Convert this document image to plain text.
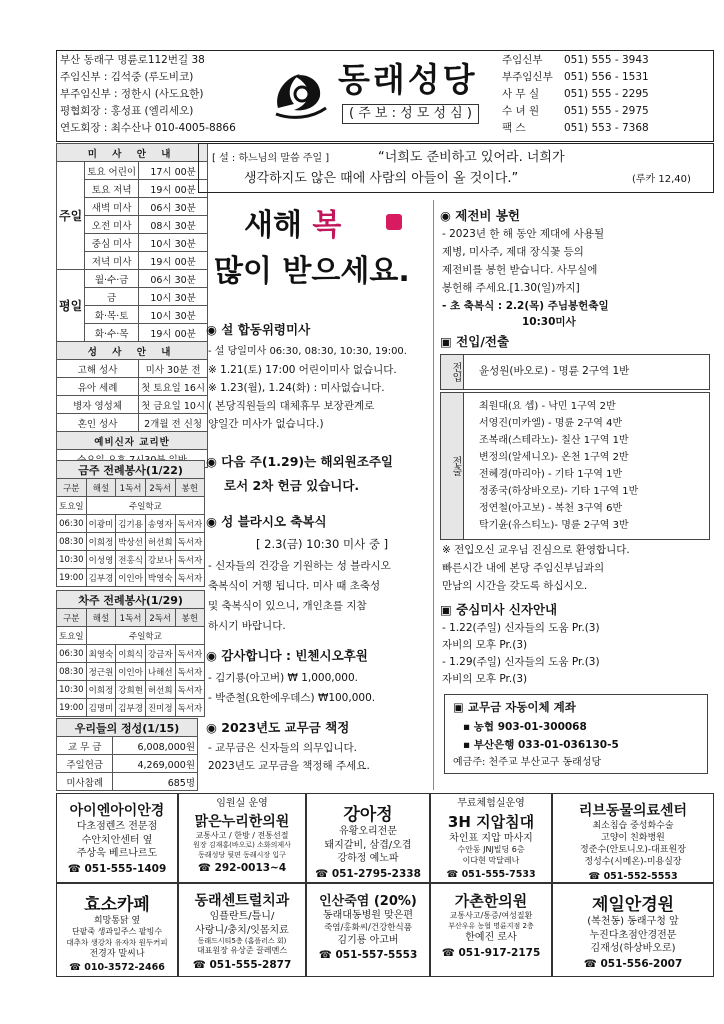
부산 동래구 명륜로112번길 38
주임신부 : 김석중 (루도비코)
부주임신부 : 정한시 (사도요한)
평협회장 : 홍성표 (엘리세오)
연도회장 : 최수산나 010-4005-8866
동래성당
( 주 보 : 성 모 성 심 )
주임신부 051) 555 - 3943
부주임신부 051) 556 - 1531
사 무 실 051) 555 - 2295
수 녀 원 051) 555 - 2975
팩 스	051) 553 - 7368
미 사 안 내		
주일	토요 어린이	17시 00분
	토요 저녁	19시 00분
	새벽 미사	06시 30분
	오전 미사	08시 30분
	중심 미사	10시 30분
	저녁 미사	19시 00분
평일	월·수·금	06시 30분
	금	10시 30분
	화·목·토	10시 30분
	화·수·목	19시 00분
성 사 안 내		
고해 성사		미사 30분 전
유아 세례		첫 토요일 16시
병자 영성체		첫 금요일 10시
혼인 성사		2개월 전 신청
예비신자 교리반		

금주 전례봉사(1/22)				
구분	해설	1독서	2독서	봉헌
토요일	주일학교			
06:30	이광미	김기용	송영자	독서자
08:30	이희정	박상선	허선희	독서자
10:30	이성영	전홍식	강보나	독서자
19:00	김부경	이인아	박영숙	독서자
차주 전례봉사(1/29)				
구분	해설	1독서	2독서	봉헌
토요일	주일학교			
06:30	최영숙	이희식	강금자	독서자
08:30	정근원	이인아	나해선	독서자
10:30	이희정	강희현	허선희	독서자
19:00	김명미	김부경	진미정	독서자
우리들의 정성(1/15)	
교 무 금	6,008,000원
주일헌금	4,269,000원
미사참례	685명
[ 설 : 하느님의 말씀 주일 ]	“너희도 준비하고 있어라. 너희가
생각하지도 않은 때에 사람의 아들이 올 것이다.”	(루카 12,40)
새해 복
많이 받으세요.
◉ 설 합동위령미사
- 설 당일미사 06:30, 08:30, 10:30, 19:00.
※ 1.21(토) 17:00 어린이미사 없습니다.
※ 1.23(월), 1.24(화) : 미사없습니다.
( 본당직원들의 대체휴무 보장관계로
양일간 미사가 없습니다.)
◉ 다음 주(1.29)는 해외원조주일
로서 2차 헌금 있습니다.
◉ 성 블라시오 축복식
[ 2.3(금) 10:30 미사 중 ]
- 신자들의 건강을 기원하는 성 블라시오
축복식이 거행 됩니다. 미사 때 초축성
및 축복식이 있으니, 개인초를 지참
하시기 바랍니다.
◉ 감사합니다 : 빈첸시오후원
- 김기룡(아고버) ₩ 1,000,000.
- 박준철(요한에우데스) ₩100,000.
◉ 2023년도 교무금 책정
- 교무금은 신자들의 의무입니다.
2023년도 교무금을 책정해 주세요.
◉ 제전비 봉헌
- 2023년 한 해 동안 제대에 사용될
제병, 미사주, 제대 장식꽃 등의
제전비를 봉헌 받습니다. 사무실에
봉헌해 주세요.[1.30(일)까지]
- 초 축복식 : 2.2(목) 주님봉헌축일
10:30미사
▣ 전입/전출
전입 윤성원(바오로) - 명륜 2구역 1반
전출
최원대(요 셉) - 낙민 1구역 2반
서영진(미카엘) - 명륜 2구역 4반
조복래(스테라노)- 칠산 1구역 1반
변정의(알세니오)- 온천 1구역 2반
전혜경(마리아) - 기타 1구역 1반
정종국(하상바오로)- 기타 1구역 1반
정연철(아고보) - 복천 3구역 6반
탁기윤(유스티노)- 명륜 2구역 3반
※ 전입오신 교우님 진심으로 환영합니다.
빠른시간 내에 본당 주임신부님과의
만남의 시간을 갖도록 하십시오.
▣ 중심미사 신자안내
- 1.22(주일) 신자들의 도움 Pr.(3)
자비의 모후 Pr.(3)
- 1.29(주일) 신자들의 도움 Pr.(3)
자비의 모후 Pr.(3)
▣ 교무금 자동이체 계좌
▪ 농협 903-01-300068
▪ 부산은행 033-01-036130-5
예금주: 천주교 부산교구 동래성당
아이엔아이안경
다초점렌즈 전문점
수안치안센터 옆
주상욱 베르나르도
☎ 051-555-1409
임원실 운영
맑은누리한의원
교통사고 / 한방 / 전통선절
원장 김재홍(바오로) 소화의제사
동래성당 뒷편 동래시장 입구
☎ 292-0013~4
강아정
유황오리전문
돼지갈비, 삼겹/오겹
강하정 예노파
☎ 051-2795-2338
무료체험실운영
3H 지압침대
차인표 지압 마사지
수안동 JNJ빌딩 6층
이다현 막달레나
☎ 051-555-7533
리브동물의료센터
최소침습 중성화수술
고양이 친화병원
정준수(안토니오)-대표원장
정성수(시메온)-미용실장
☎ 051-552-5553
효소카페
희망통닭 옆
단팥죽 생과일주스 팥빙수
대추차 생강차 유자차 원두커피
전경자 말씨나
☎ 010-3572-2466
동래센트럴치과
임플란트/틀니/
사랑니/충치/잇몸치료
동래드시티5층 (홈플러스 회)
대표원장 유상준 끌레멘스
☎ 051-555-2877
인산죽염 (20%)
동래대동병원 맞은편
죽염/홍화씨/건강한식품
김기룡 아고버
☎ 051-557-5553
가촌한의원
교통사고/통증/여성질환
부산우유 농협 명륜지점 2층
한예진 로사
☎ 051-917-2175
제일안경원
(복천동) 동래구청 앞
누진다초점안경전문
김재성(하상바오로)
☎ 051-556-2007
